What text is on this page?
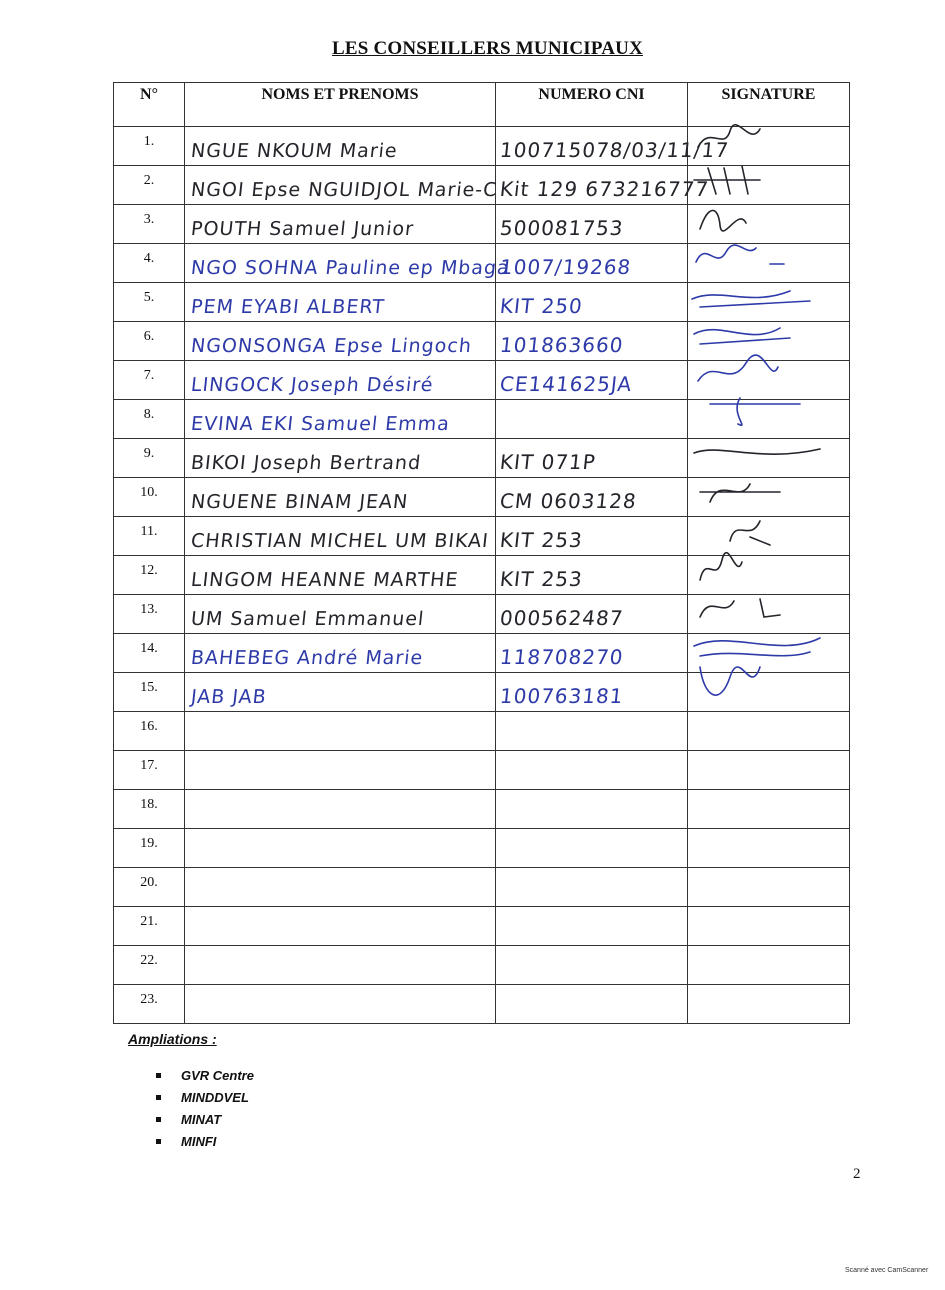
LES CONSEILLERS MUNICIPAUX
N°	NOMS ET PRENOMS	NUMERO CNI	SIGNATURE

1.	NGUE NKOUM Marie	100715078/03/11/17

2.	NGOI Epse NGUIDJOL Marie-C	Kit 129 673216777

3.	POUTH Samuel Junior	500081753

4.	NGO SOHNA Pauline ep Mbaga	1007/19268

5.	PEM EYABI ALBERT	KIT 250

6.	NGONSONGA Epse Lingoch	101863660

7.	LINGOCK Joseph Désiré	CE141625JA

8.	EVINA EKI Samuel Emma

9.	BIKOI Joseph Bertrand	KIT 071P

10.	NGUENE BINAM JEAN	CM 0603128

11.	CHRISTIAN MICHEL UM BIKAI	KIT 253

12.	LINGOM HEANNE MARTHE	KIT 253

13.	UM Samuel Emmanuel	000562487

14.	BAHEBEG André Marie	118708270

15.	JAB JAB	100763181

16.			

17.			

18.			

19.			

20.			

21.			

22.			

23.			

Ampliations :
GVR Centre
MINDDVEL
MINAT
MINFI
2
Scanné avec CamScanner
